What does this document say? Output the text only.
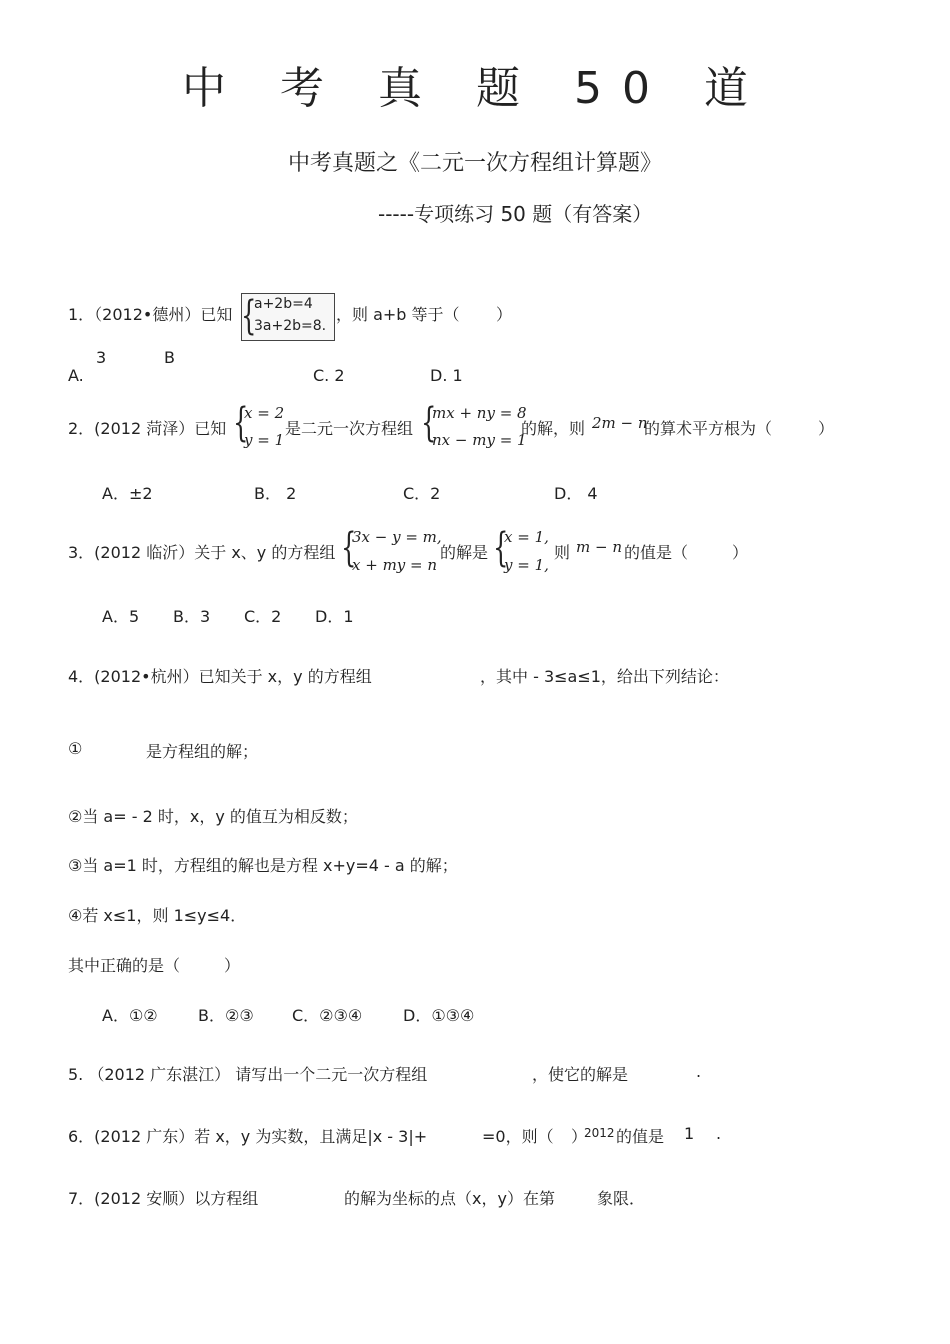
中 考 真 题 50 道
中考真题之《二元一次方程组计算题》
-----专项练习 50 题（有答案）
1．（2012•德州）已知 {
a+2b=4
3a+2b=8.
，则 a+b 等于（ ）
3	B
A.	C. 2	D. 1
2．(2012 菏泽）已知 {
x = 2
y = 1
是二元一次方程组 {
mx + ny = 8
nx − my = 1
的解，则 2m − n
的算术平方根为（	）
A．±2	B． 2	C．2	D． 4
3．(2012 临沂）关于 x、y 的方程组 {
3x − y = m,
x + my = n
的解是 {
x = 1,
y = 1,
则 m − n 的值是（	）
A．5 B．3 C．2 D．1
4．(2012•杭州）已知关于 x，y 的方程组	，其中 - 3≤a≤1，给出下列结论：
①	是方程组的解；
②当 a= - 2 时，x，y 的值互为相反数；
③当 a=1 时，方程组的解也是方程 x+y=4 - a 的解；
④若 x≤1，则 1≤y≤4．
其中正确的是（	）
A．①②	B．②③ C．②③④	D．①③④
5. （2012 广东湛江） 请写出一个二元一次方程组	，使它的解是	.
6．(2012 广东）若 x，y 为实数，且满足|x - 3|+	=0，则（ ）
2012 的值是 1 .
7．(2012 安顺）以方程组	的解为坐标的点（x，y）在第	象限．
